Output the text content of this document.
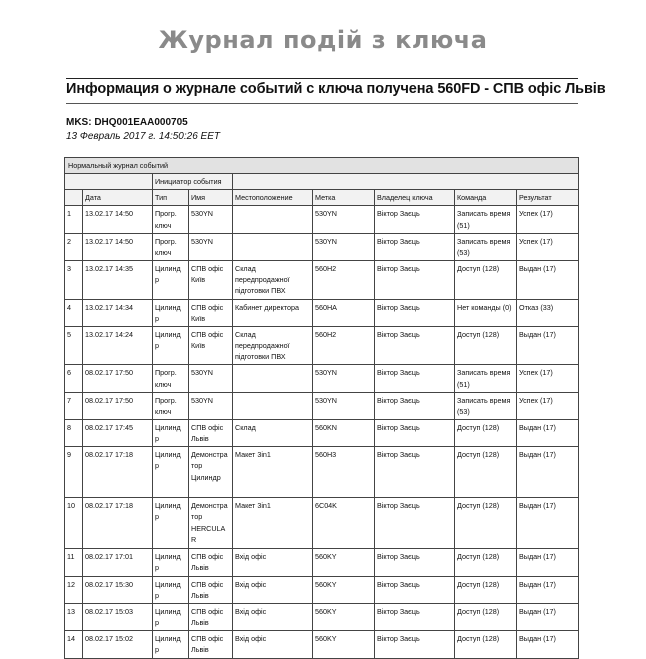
Журнал подій з ключа
Информация о журнале событий с ключа получена 560FD - СПВ офіс Львів
MKS: DHQ001EAA000705
13 Февраль 2017 г. 14:50:26 EET
Нормальный журнал событий								
		Инициатор события						
	Дата	Тип	Имя	Местоположение	Метка	Владелец ключа	Команда	Результат
1	13.02.17 14:50	Прогр. ключ	530YN		530YN	Віктор Заєць	Записать время (51)	Успех (17)
2	13.02.17 14:50	Прогр. ключ	530YN		530YN	Віктор Заєць	Записать время (53)	Успех (17)
3	13.02.17 14:35	Цилинд р	СПВ офіс Київ	Склад передпродажної підготовки ПВХ	560H2	Віктор Заєць	Доступ (128)	Выдан (17)
4	13.02.17 14:34	Цилинд р	СПВ офіс Київ	Кабинет директора	560HA	Віктор Заєць	Нет команды (0)	Отказ (33)
5	13.02.17 14:24	Цилинд р	СПВ офіс Київ	Склад передпродажної підготовки ПВХ	560H2	Віктор Заєць	Доступ (128)	Выдан (17)
6	08.02.17 17:50	Прогр. ключ	530YN		530YN	Віктор Заєць	Записать время (51)	Успех (17)
7	08.02.17 17:50	Прогр. ключ	530YN		530YN	Віктор Заєць	Записать время (53)	Успех (17)
8	08.02.17 17:45	Цилинд р	СПВ офіс Львів	Склад	560KN	Віктор Заєць	Доступ (128)	Выдан (17)
9	08.02.17 17:18	Цилинд р	Демонстра тор Цилиндр	Макет 3in1	560H3	Віктор Заєць	Доступ (128)	Выдан (17)
10	08.02.17 17:18	Цилинд р	Демонстра тор HERCULA R	Макет 3in1	6C04K	Віктор Заєць	Доступ (128)	Выдан (17)
11	08.02.17 17:01	Цилинд р	СПВ офіс Львів	Вхід офіс	560KY	Віктор Заєць	Доступ (128)	Выдан (17)
12	08.02.17 15:30	Цилинд р	СПВ офіс Львів	Вхід офіс	560KY	Віктор Заєць	Доступ (128)	Выдан (17)
13	08.02.17 15:03	Цилинд р	СПВ офіс Львів	Вхід офіс	560KY	Віктор Заєць	Доступ (128)	Выдан (17)
14	08.02.17 15:02	Цилинд р	СПВ офіс Львів	Вхід офіс	560KY	Віктор Заєць	Доступ (128)	Выдан (17)
